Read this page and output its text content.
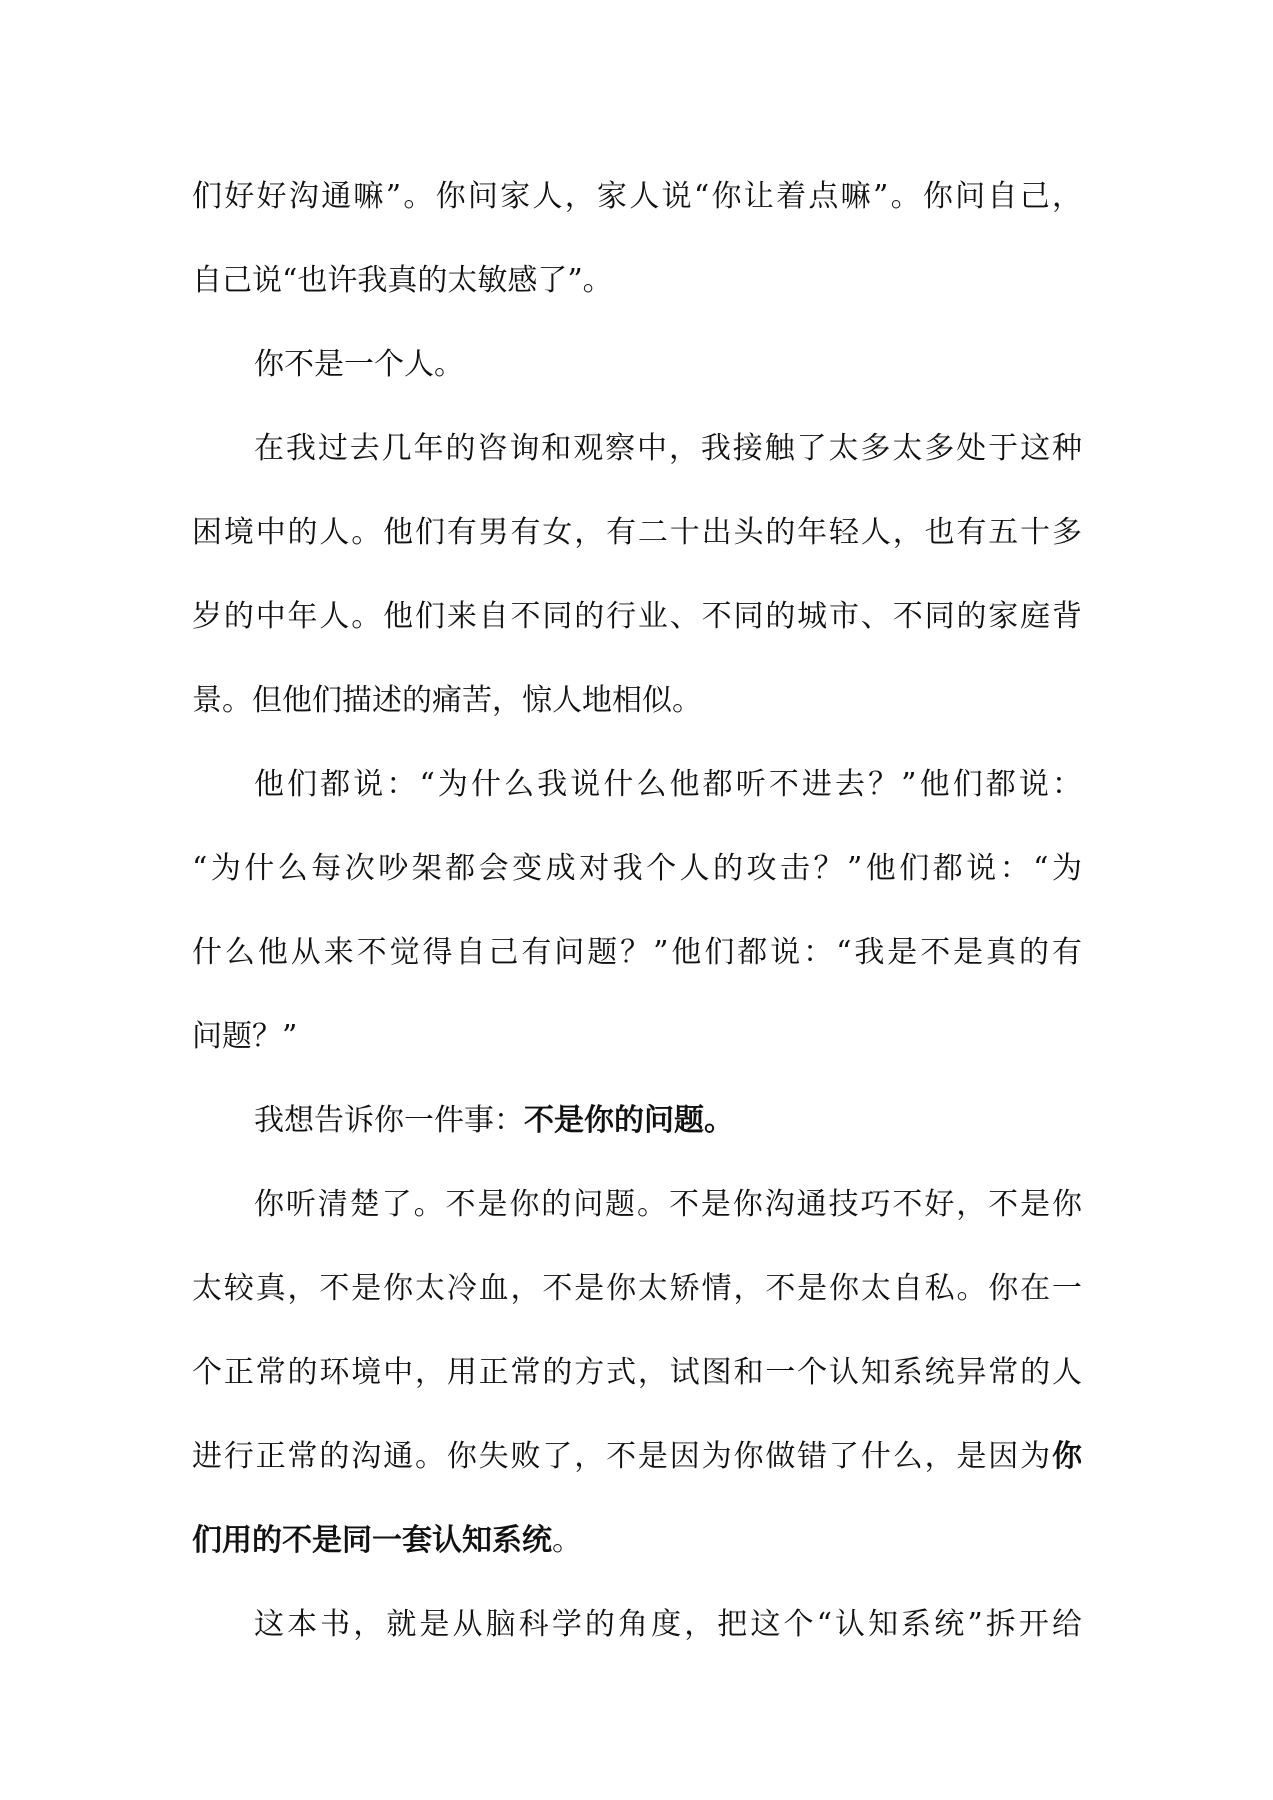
们好好沟通嘛”。你问家人，家人说“你让着点嘛”。你问自己，
自己说“也许我真的太敏感了”。
你不是一个人。
在我过去几年的咨询和观察中，我接触了太多太多处于这种
困境中的人。他们有男有女，有二十出头的年轻人，也有五十多
岁的中年人。他们来自不同的行业、不同的城市、不同的家庭背
景。但他们描述的痛苦，惊人地相似。
他们都说：“为什么我说什么他都听不进去？”他们都说：
“为什么每次吵架都会变成对我个人的攻击？”他们都说：“为
什么他从来不觉得自己有问题？”他们都说：“我是不是真的有
问题？”
我想告诉你一件事：不是你的问题。
你听清楚了。不是你的问题。不是你沟通技巧不好，不是你
太较真，不是你太冷血，不是你太矫情，不是你太自私。你在一
个正常的环境中，用正常的方式，试图和一个认知系统异常的人
进行正常的沟通。你失败了，不是因为你做错了什么，是因为你
们用的不是同一套认知系统。
这本书，就是从脑科学的角度，把这个“认知系统”拆开给
